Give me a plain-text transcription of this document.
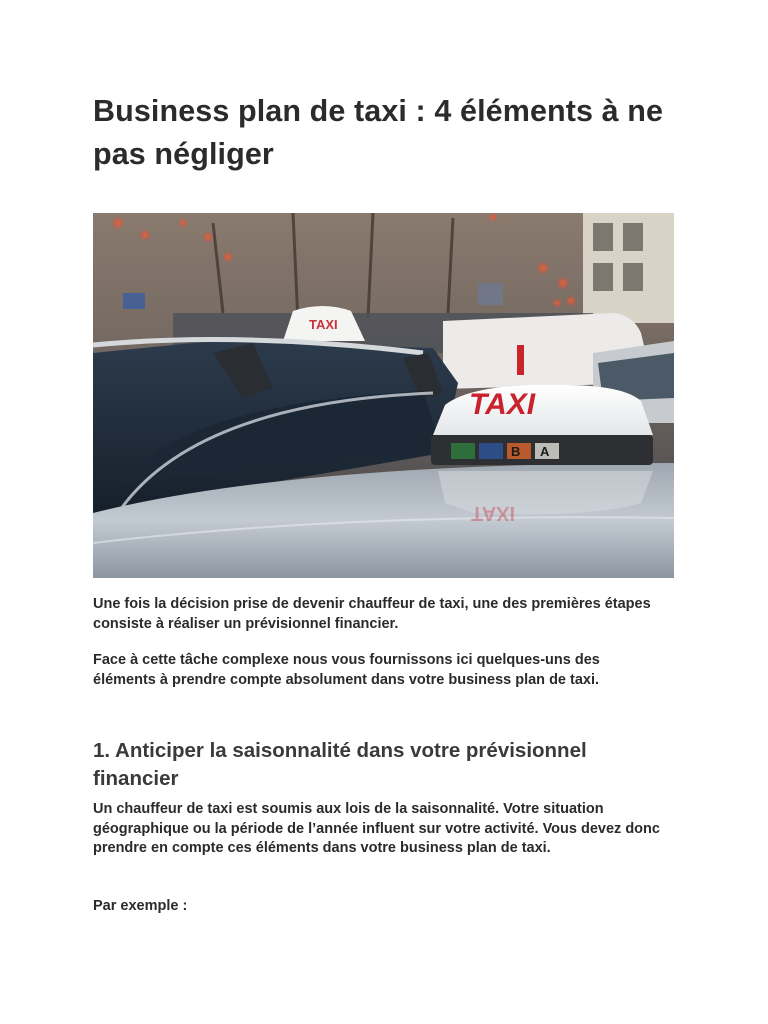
Business plan de taxi : 4 éléments à ne pas négliger
TAXI
B A
TAXI
TAXI

Une fois la décision prise de devenir chauffeur de taxi, une des premières étapes consiste à réaliser un prévisionnel financier.

Face à cette tâche complexe nous vous fournissons ici quelques-uns des éléments à prendre compte absolument dans votre business plan de taxi.

1. Anticiper la saisonnalité dans votre prévisionnel financier

Un chauffeur de taxi est soumis aux lois de la saisonnalité. Votre situation géographique ou la période de l’année influent sur votre activité. Vous devez donc prendre en compte ces éléments dans votre business plan de taxi.

Par exemple :
